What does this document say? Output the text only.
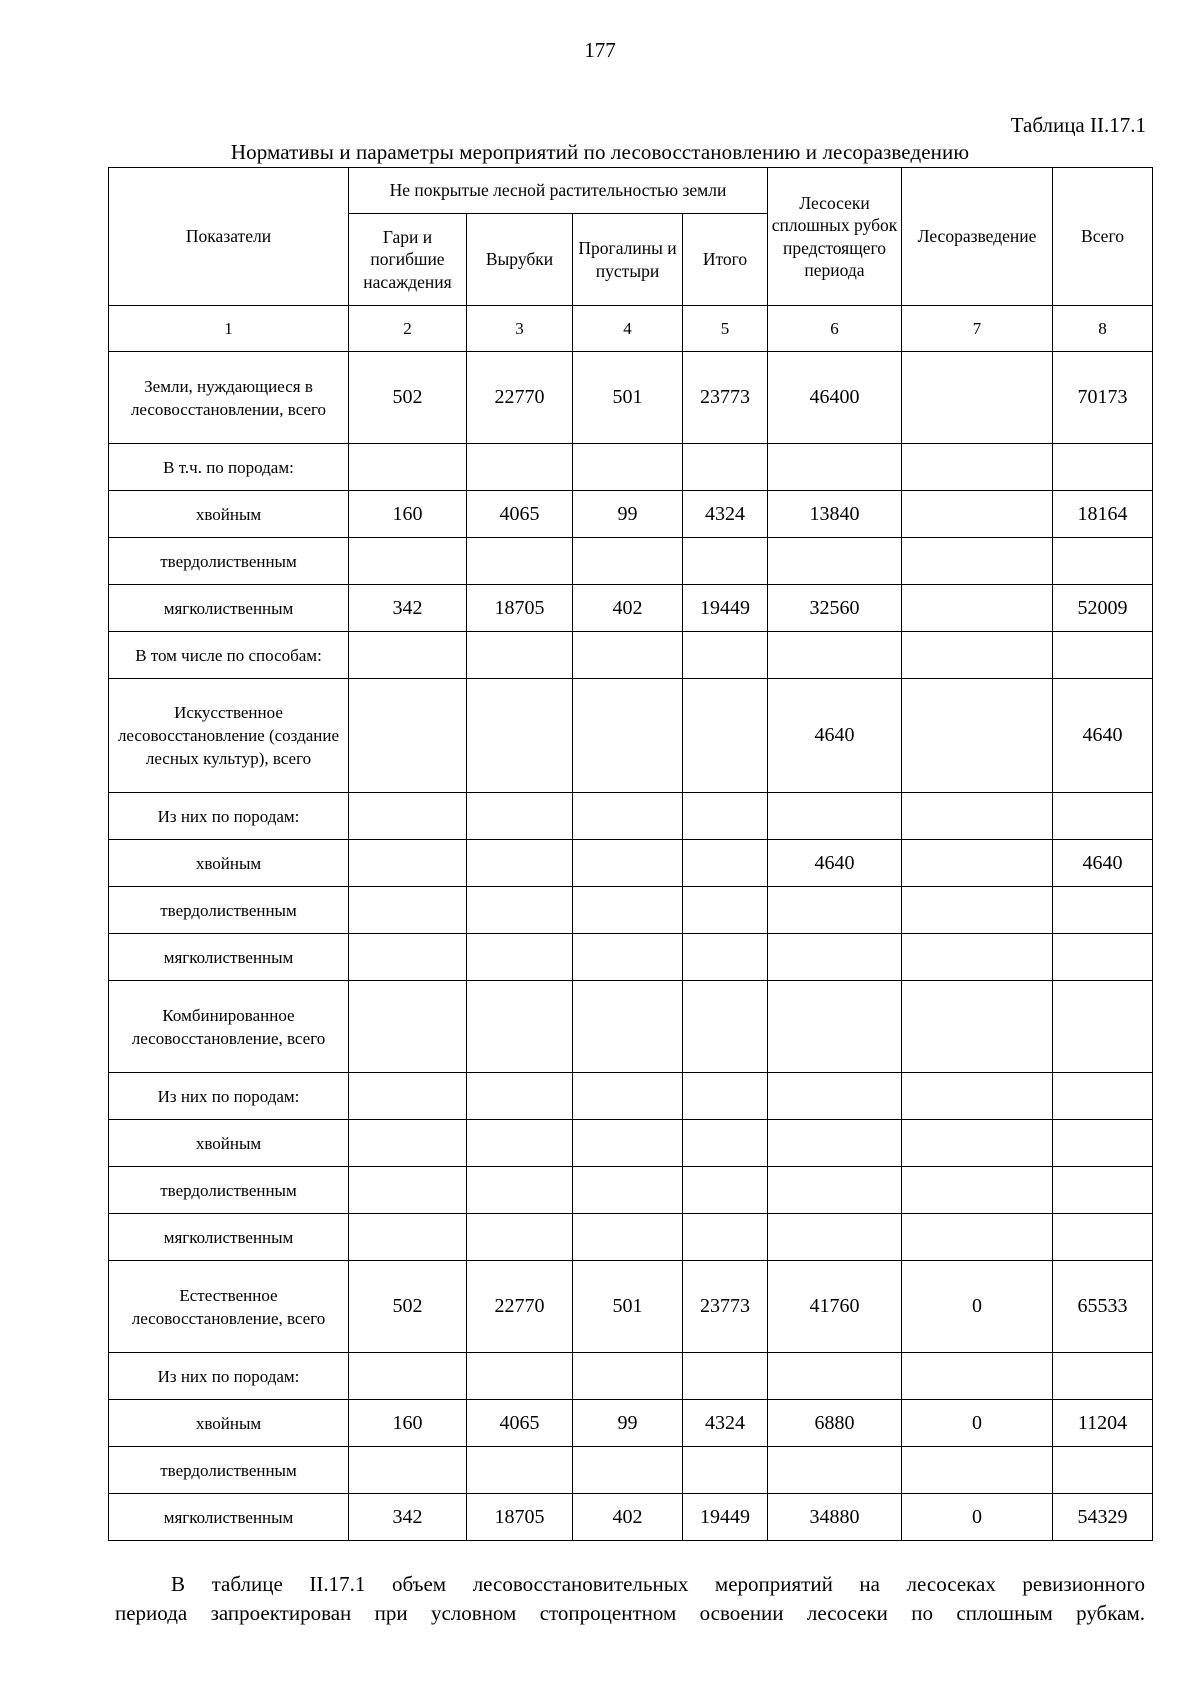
177
Таблица II.17.1
Нормативы и параметры мероприятий по лесовосстановлению и лесоразведению
Показатели	Не покрытые лесной растительностью земли				Лесосеки сплошных рубок предстоящего периода	Лесоразведение	Всего
	Гари и погибшие насаждения	Вырубки	Прогалины и пустыри	Итого			
1	2	3	4	5	6	7	8
Земли, нуждающиеся в лесовосстановлении, всего	502	22770	501	23773	46400		70173
В т.ч. по породам:							
хвойным	160	4065	99	4324	13840		18164
твердолиственным							
мягколиственным	342	18705	402	19449	32560		52009
В том числе по способам:							
Искусственное лесовосстановление (создание лесных культур), всего					4640		4640
Из них по породам:							
хвойным					4640		4640
твердолиственным							
мягколиственным							
Комбинированное лесовосстановление, всего							
Из них по породам:							
хвойным							
твердолиственным							
мягколиственным							
Естественное лесовосстановление, всего	502	22770	501	23773	41760	0	65533
Из них по породам:							
хвойным	160	4065	99	4324	6880	0	11204
твердолиственным							
мягколиственным	342	18705	402	19449	34880	0	54329
В таблице II.17.1 объем лесовосстановительных мероприятий на лесосеках ревизионного
периода запроектирован при условном стопроцентном освоении лесосеки по сплошным рубкам.
